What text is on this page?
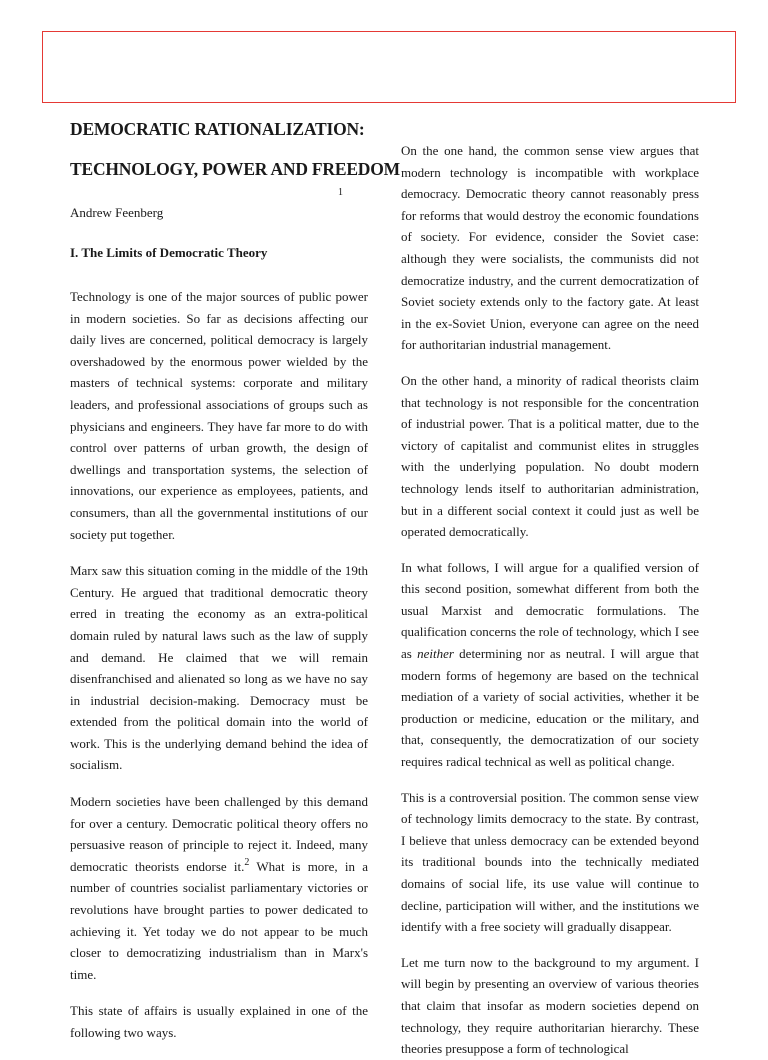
DEMOCRATIC RATIONALIZATION:
TECHNOLOGY, POWER AND FREEDOM
1
Andrew Feenberg
I. The Limits of Democratic Theory

Technology is one of the major sources of public power in modern societies. So far as decisions affecting our daily lives are concerned, political democracy is largely overshadowed by the enormous power wielded by the masters of technical systems: corporate and military leaders, and professional associations of groups such as physicians and engineers. They have far more to do with control over patterns of urban growth, the design of dwellings and transportation systems, the selection of innovations, our experience as employees, patients, and consumers, than all the governmental institutions of our society put together.

Marx saw this situation coming in the middle of the 19th Century. He argued that traditional democratic theory erred in treating the economy as an extra-political domain ruled by natural laws such as the law of supply and demand. He claimed that we will remain disenfranchised and alienated so long as we have no say in industrial decision-making. Democracy must be extended from the political domain into the world of work. This is the underlying demand behind the idea of socialism.

Modern societies have been challenged by this demand for over a century. Democratic political theory offers no persuasive reason of principle to reject it. Indeed, many democratic theorists endorse it.$^2$ What is more, in a number of countries socialist parliamentary victories or revolutions have brought parties to power dedicated to achieving it. Yet today we do not appear to be much closer to democratizing industrialism than in Marx's time.

This state of affairs is usually explained in one of the following two ways.

On the one hand, the common sense view argues that modern technology is incompatible with workplace democracy. Democratic theory cannot reasonably press for reforms that would destroy the economic foundations of society. For evidence, consider the Soviet case: although they were socialists, the communists did not democratize industry, and the current democratization of Soviet society extends only to the factory gate. At least in the ex-Soviet Union, everyone can agree on the need for authoritarian industrial management.

On the other hand, a minority of radical theorists claim that technology is not responsible for the concentration of industrial power. That is a political matter, due to the victory of capitalist and communist elites in struggles with the underlying population. No doubt modern technology lends itself to authoritarian administration, but in a different social context it could just as well be operated democratically.

In what follows, I will argue for a qualified version of this second position, somewhat different from both the usual Marxist and democratic formulations. The qualification concerns the role of technology, which I see as neither determining nor as neutral. I will argue that modern forms of hegemony are based on the technical mediation of a variety of social activities, whether it be production or medicine, education or the military, and that, consequently, the democratization of our society requires radical technical as well as political change.

This is a controversial position. The common sense view of technology limits democracy to the state. By contrast, I believe that unless democracy can be extended beyond its traditional bounds into the technically mediated domains of social life, its use value will continue to decline, participation will wither, and the institutions we identify with a free society will gradually disappear.

Let me turn now to the background to my argument. I will begin by presenting an overview of various theories that claim that insofar as modern societies depend on technology, they require authoritarian hierarchy. These theories presuppose a form of technological
